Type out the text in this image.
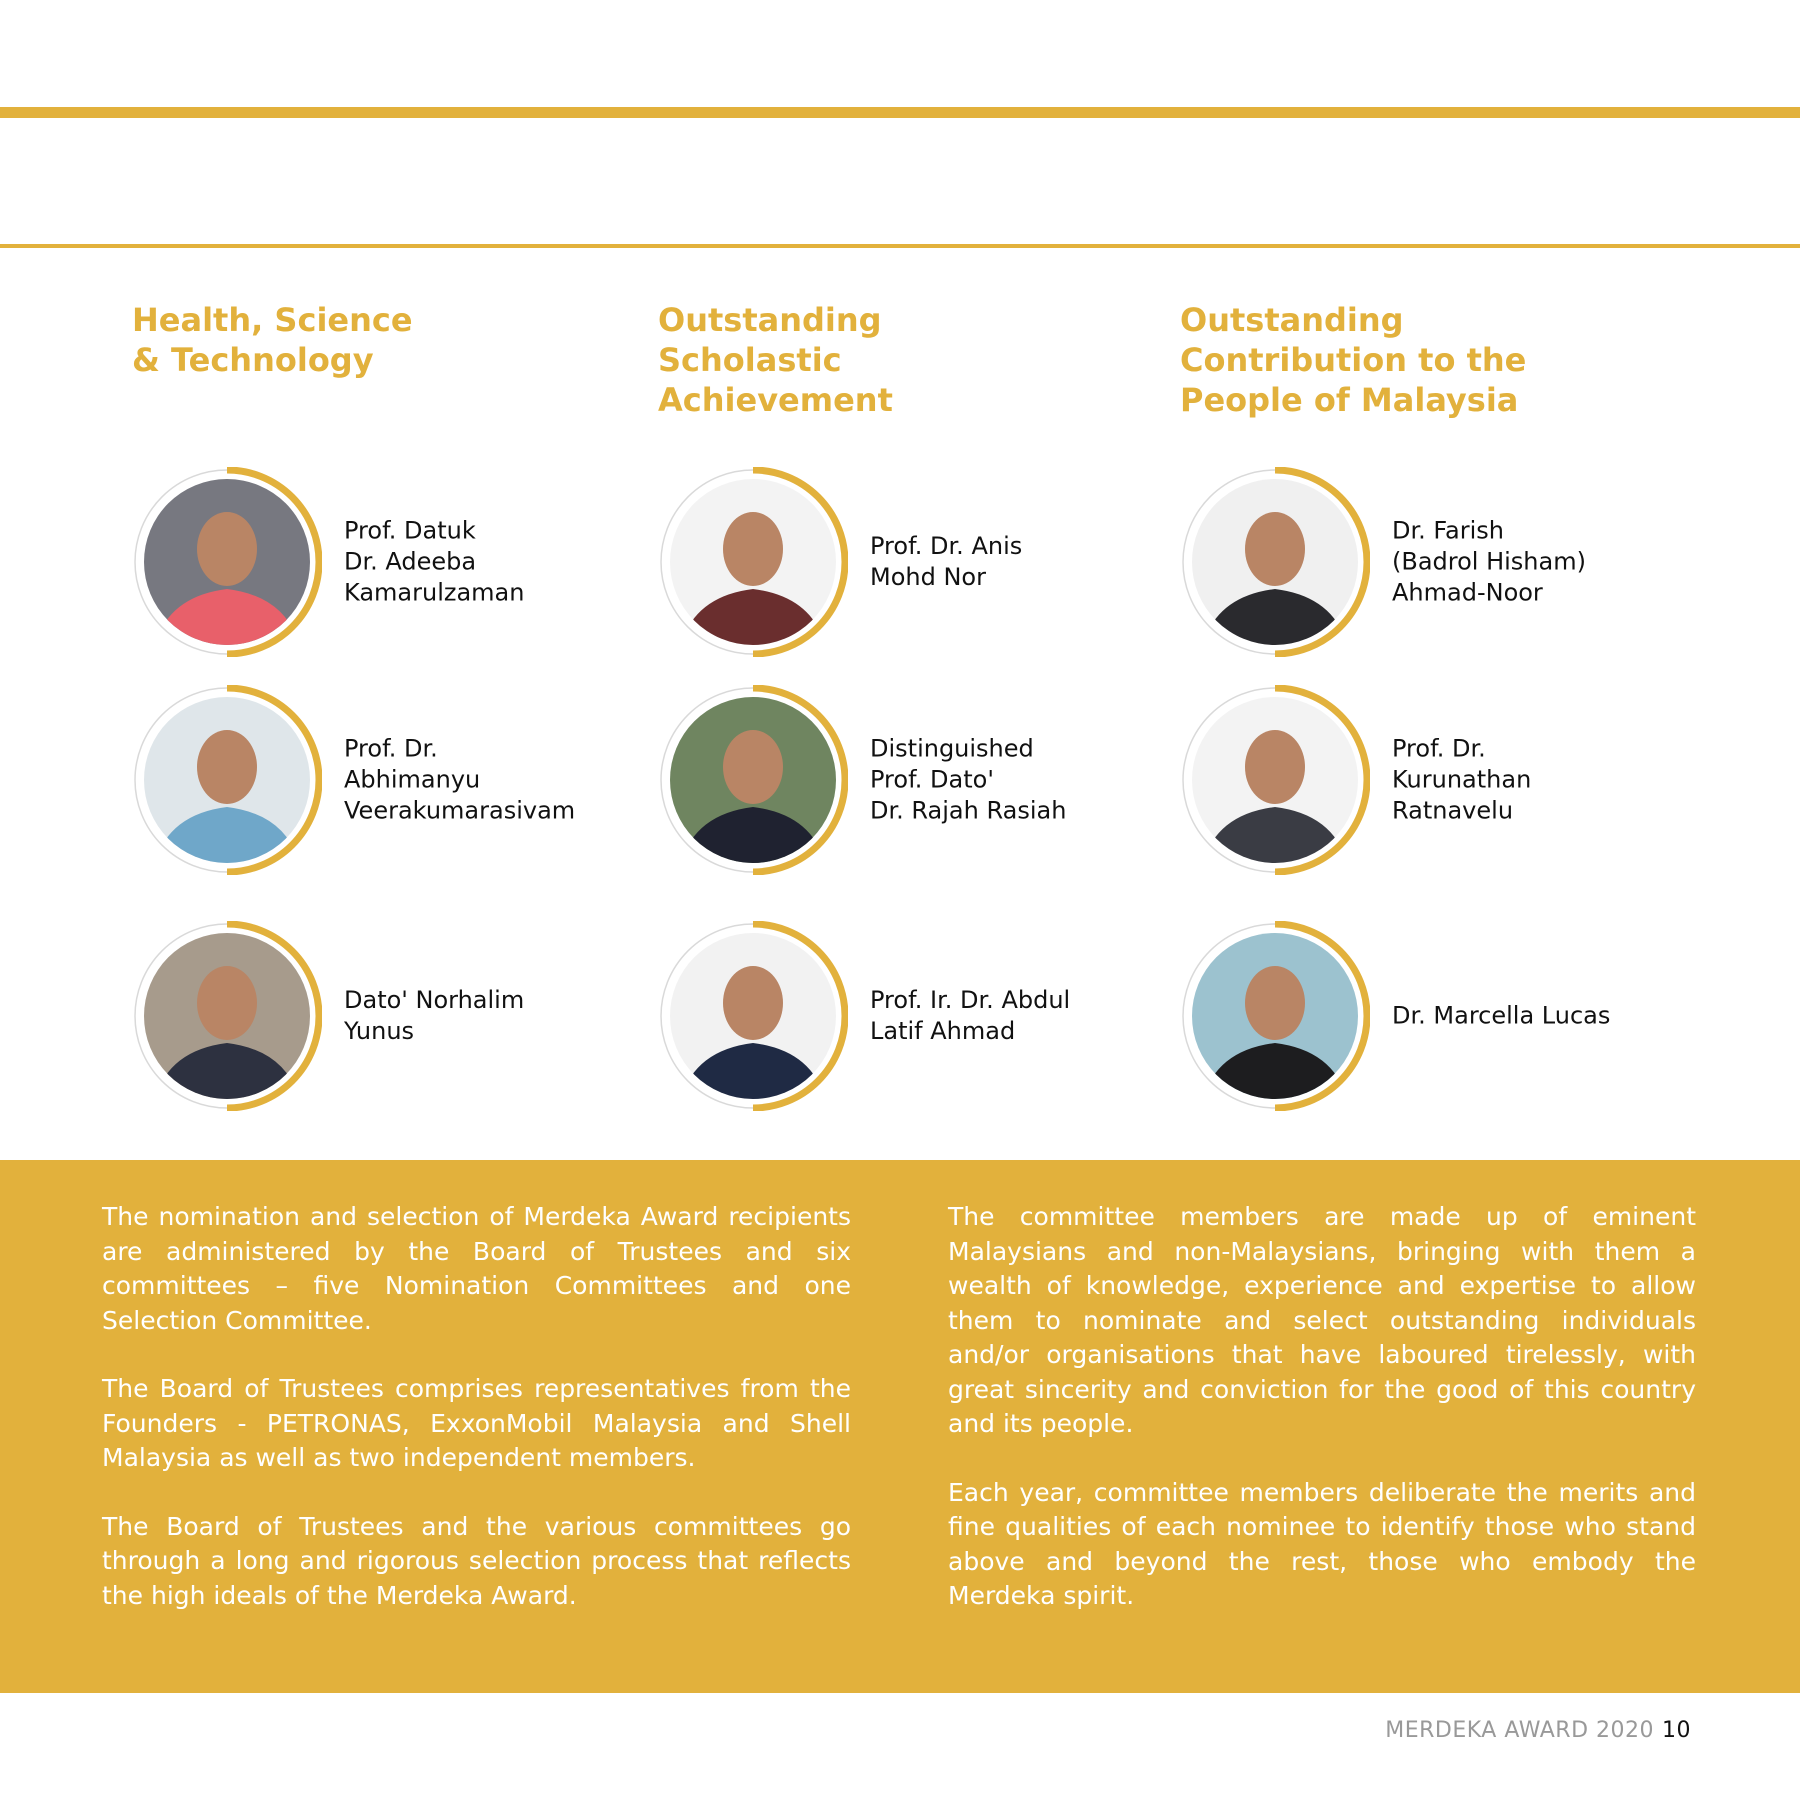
Health, Science
& Technology
Prof. Datuk
Dr. Adeeba
Kamarulzaman
Prof. Dr.
Abhimanyu
Veerakumarasivam
Dato' Norhalim
Yunus
Outstanding
Scholastic
Achievement
Prof. Dr. Anis
Mohd Nor
Distinguished
Prof. Dato'
Dr. Rajah Rasiah
Prof. Ir. Dr. Abdul
Latif Ahmad
Outstanding
Contribution to the
People of Malaysia
Dr. Farish
(Badrol Hisham)
Ahmad-Noor
Prof. Dr.
Kurunathan
Ratnavelu
Dr. Marcella Lucas

The nomination and selection of Merdeka Award recipients are administered by the Board of Trustees and six committees – five Nomination Committees and one Selection Committee.

The Board of Trustees comprises representatives from the Founders - PETRONAS, ExxonMobil Malaysia and Shell Malaysia as well as two independent members.

The Board of Trustees and the various committees go through a long and rigorous selection process that reflects the high ideals of the Merdeka Award.

The committee members are made up of eminent Malaysians and non-Malaysians, bringing with them a wealth of knowledge, experience and expertise to allow them to nominate and select outstanding individuals and/or organisations that have laboured tirelessly, with great sincerity and conviction for the good of this country and its people.

Each year, committee members deliberate the merits and fine qualities of each nominee to identify those who stand above and beyond the rest, those who embody the Merdeka spirit.

MERDEKA AWARD 2020 10
